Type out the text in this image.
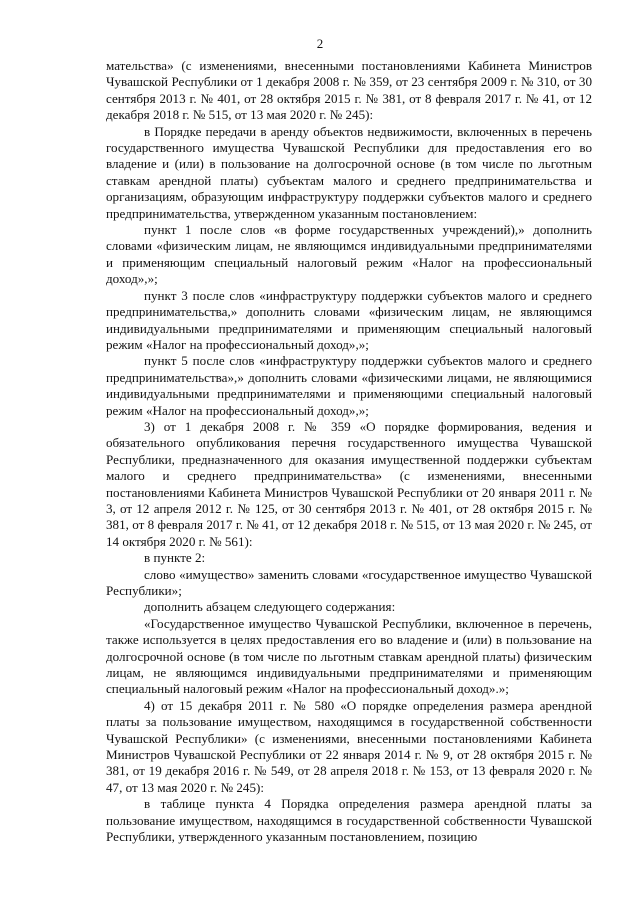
2

мательства» (с изменениями, внесенными постановлениями Кабинета Министров Чувашской Республики от 1 декабря 2008 г. № 359, от 23 сентября 2009 г. № 310, от 30 сентября 2013 г. № 401, от 28 октября 2015 г. № 381, от 8 февраля 2017 г. № 41, от 12 декабря 2018 г. № 515, от 13 мая 2020 г. № 245):

в Порядке передачи в аренду объектов недвижимости, включенных в перечень государственного имущества Чувашской Республики для предоставления его во владение и (или) в пользование на долгосрочной основе (в том числе по льготным ставкам арендной платы) субъектам малого и среднего предпринимательства и организациям, образующим инфраструктуру поддержки субъектов малого и среднего предпринимательства, утвержденном указанным постановлением:

пункт 1 после слов «в форме государственных учреждений),» дополнить словами «физическим лицам, не являющимся индивидуальными предпринимателями и применяющим специальный налоговый режим «Налог на профессиональный доход»,»;

пункт 3 после слов «инфраструктуру поддержки субъектов малого и среднего предпринимательства,» дополнить словами «физическим лицам, не являющимся индивидуальными предпринимателями и применяющим специальный налоговый режим «Налог на профессиональный доход»,»;

пункт 5 после слов «инфраструктуру поддержки субъектов малого и среднего предпринимательства»,» дополнить словами «физическими лицами, не являющимися индивидуальными предпринимателями и применяющими специальный налоговый режим «Налог на профессиональный доход»,»;

3) от 1 декабря 2008 г. № 359 «О порядке формирования, ведения и обязательного опубликования перечня государственного имущества Чувашской Республики, предназначенного для оказания имущественной поддержки субъектам малого и среднего предпринимательства» (с изменениями, внесенными постановлениями Кабинета Министров Чувашской Республики от 20 января 2011 г. № 3, от 12 апреля 2012 г. № 125, от 30 сентября 2013 г. № 401, от 28 октября 2015 г. № 381, от 8 февраля 2017 г. № 41, от 12 декабря 2018 г. № 515, от 13 мая 2020 г. № 245, от 14 октября 2020 г. № 561):

в пункте 2:

слово «имущество» заменить словами «государственное имущество Чувашской Республики»;

дополнить абзацем следующего содержания:

«Государственное имущество Чувашской Республики, включенное в перечень, также используется в целях предоставления его во владение и (или) в пользование на долгосрочной основе (в том числе по льготным ставкам арендной платы) физическим лицам, не являющимся индивидуальными предпринимателями и применяющим специальный налоговый режим «Налог на профессиональный доход».»;

4) от 15 декабря 2011 г. № 580 «О порядке определения размера арендной платы за пользование имуществом, находящимся в государственной собственности Чувашской Республики» (с изменениями, внесенными постановлениями Кабинета Министров Чувашской Республики от 22 января 2014 г. № 9, от 28 октября 2015 г. № 381, от 19 декабря 2016 г. № 549, от 28 апреля 2018 г. № 153, от 13 февраля 2020 г. № 47, от 13 мая 2020 г. № 245):

в таблице пункта 4 Порядка определения размера арендной платы за пользование имуществом, находящимся в государственной собственности Чувашской Республики, утвержденного указанным постановлением, позицию
